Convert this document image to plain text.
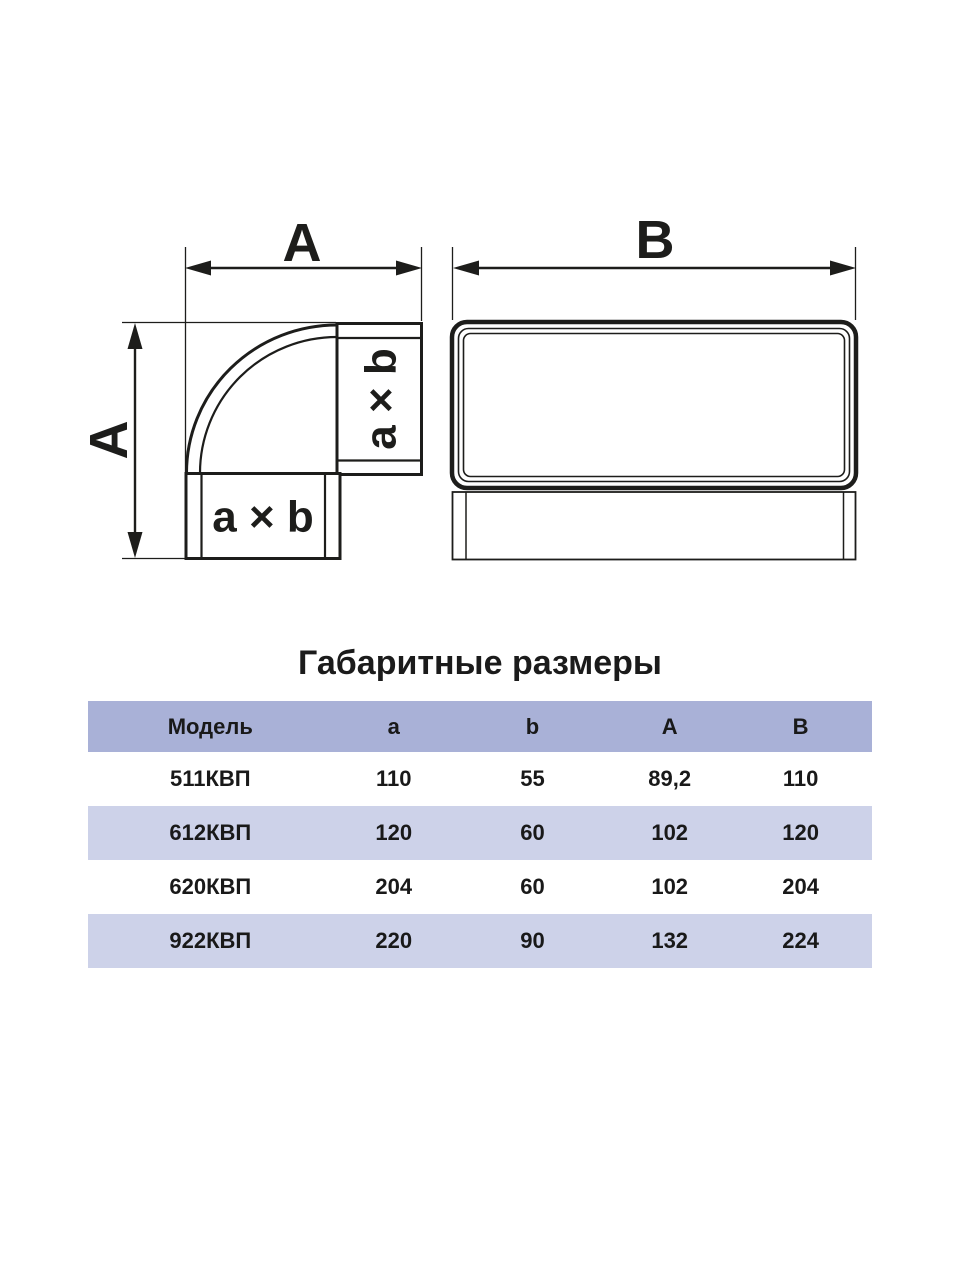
A
A	a × b
a × b
B
Габаритные размеры
Модель	a	b	A	B
511КВП	110	55	89,2	110
612КВП	120	60	102	120
620КВП	204	60	102	204
922КВП	220	90	132	224
